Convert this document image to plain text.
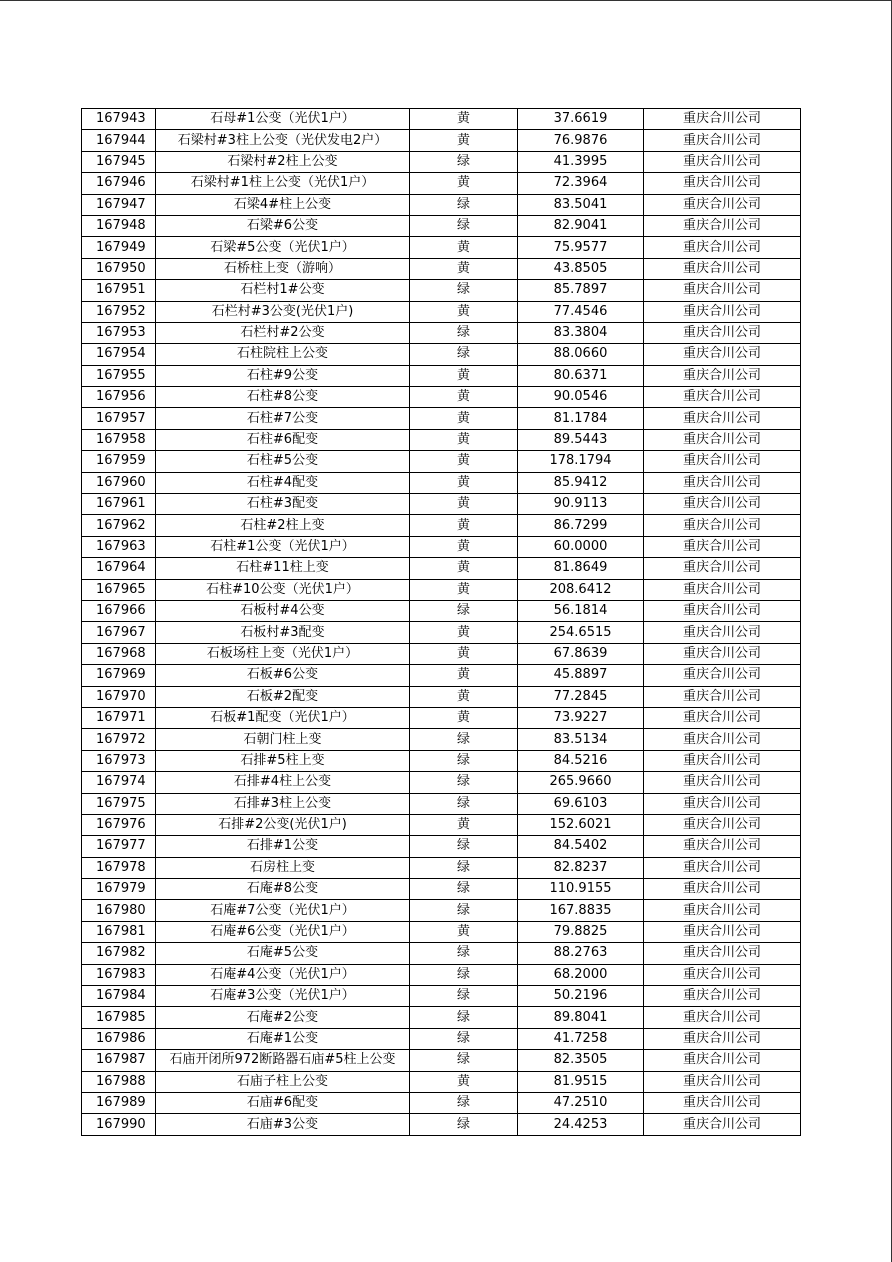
167943	石母#1公变（光伏1户）	黄	37.6619	重庆合川公司
167944	石梁村#3柱上公变（光伏发电2户）	黄	76.9876	重庆合川公司
167945	石梁村#2柱上公变	绿	41.3995	重庆合川公司
167946	石梁村#1柱上公变（光伏1户）	黄	72.3964	重庆合川公司
167947	石梁4#柱上公变	绿	83.5041	重庆合川公司
167948	石梁#6公变	绿	82.9041	重庆合川公司
167949	石梁#5公变（光伏1户）	黄	75.9577	重庆合川公司
167950	石桥柱上变（游响）	黄	43.8505	重庆合川公司
167951	石栏村1#公变	绿	85.7897	重庆合川公司
167952	石栏村#3公变(光伏1户)	黄	77.4546	重庆合川公司
167953	石栏村#2公变	绿	83.3804	重庆合川公司
167954	石柱院柱上公变	绿	88.0660	重庆合川公司
167955	石柱#9公变	黄	80.6371	重庆合川公司
167956	石柱#8公变	黄	90.0546	重庆合川公司
167957	石柱#7公变	黄	81.1784	重庆合川公司
167958	石柱#6配变	黄	89.5443	重庆合川公司
167959	石柱#5公变	黄	178.1794	重庆合川公司
167960	石柱#4配变	黄	85.9412	重庆合川公司
167961	石柱#3配变	黄	90.9113	重庆合川公司
167962	石柱#2柱上变	黄	86.7299	重庆合川公司
167963	石柱#1公变（光伏1户）	黄	60.0000	重庆合川公司
167964	石柱#11柱上变	黄	81.8649	重庆合川公司
167965	石柱#10公变（光伏1户）	黄	208.6412	重庆合川公司
167966	石板村#4公变	绿	56.1814	重庆合川公司
167967	石板村#3配变	黄	254.6515	重庆合川公司
167968	石板场柱上变（光伏1户）	黄	67.8639	重庆合川公司
167969	石板#6公变	黄	45.8897	重庆合川公司
167970	石板#2配变	黄	77.2845	重庆合川公司
167971	石板#1配变（光伏1户）	黄	73.9227	重庆合川公司
167972	石朝门柱上变	绿	83.5134	重庆合川公司
167973	石排#5柱上变	绿	84.5216	重庆合川公司
167974	石排#4柱上公变	绿	265.9660	重庆合川公司
167975	石排#3柱上公变	绿	69.6103	重庆合川公司
167976	石排#2公变(光伏1户)	黄	152.6021	重庆合川公司
167977	石排#1公变	绿	84.5402	重庆合川公司
167978	石房柱上变	绿	82.8237	重庆合川公司
167979	石庵#8公变	绿	110.9155	重庆合川公司
167980	石庵#7公变（光伏1户）	绿	167.8835	重庆合川公司
167981	石庵#6公变（光伏1户）	黄	79.8825	重庆合川公司
167982	石庵#5公变	绿	88.2763	重庆合川公司
167983	石庵#4公变（光伏1户）	绿	68.2000	重庆合川公司
167984	石庵#3公变（光伏1户）	绿	50.2196	重庆合川公司
167985	石庵#2公变	绿	89.8041	重庆合川公司
167986	石庵#1公变	绿	41.7258	重庆合川公司
167987	石庙开闭所972断路器石庙#5柱上公变	绿	82.3505	重庆合川公司
167988	石庙子柱上公变	黄	81.9515	重庆合川公司
167989	石庙#6配变	绿	47.2510	重庆合川公司
167990	石庙#3公变	绿	24.4253	重庆合川公司
